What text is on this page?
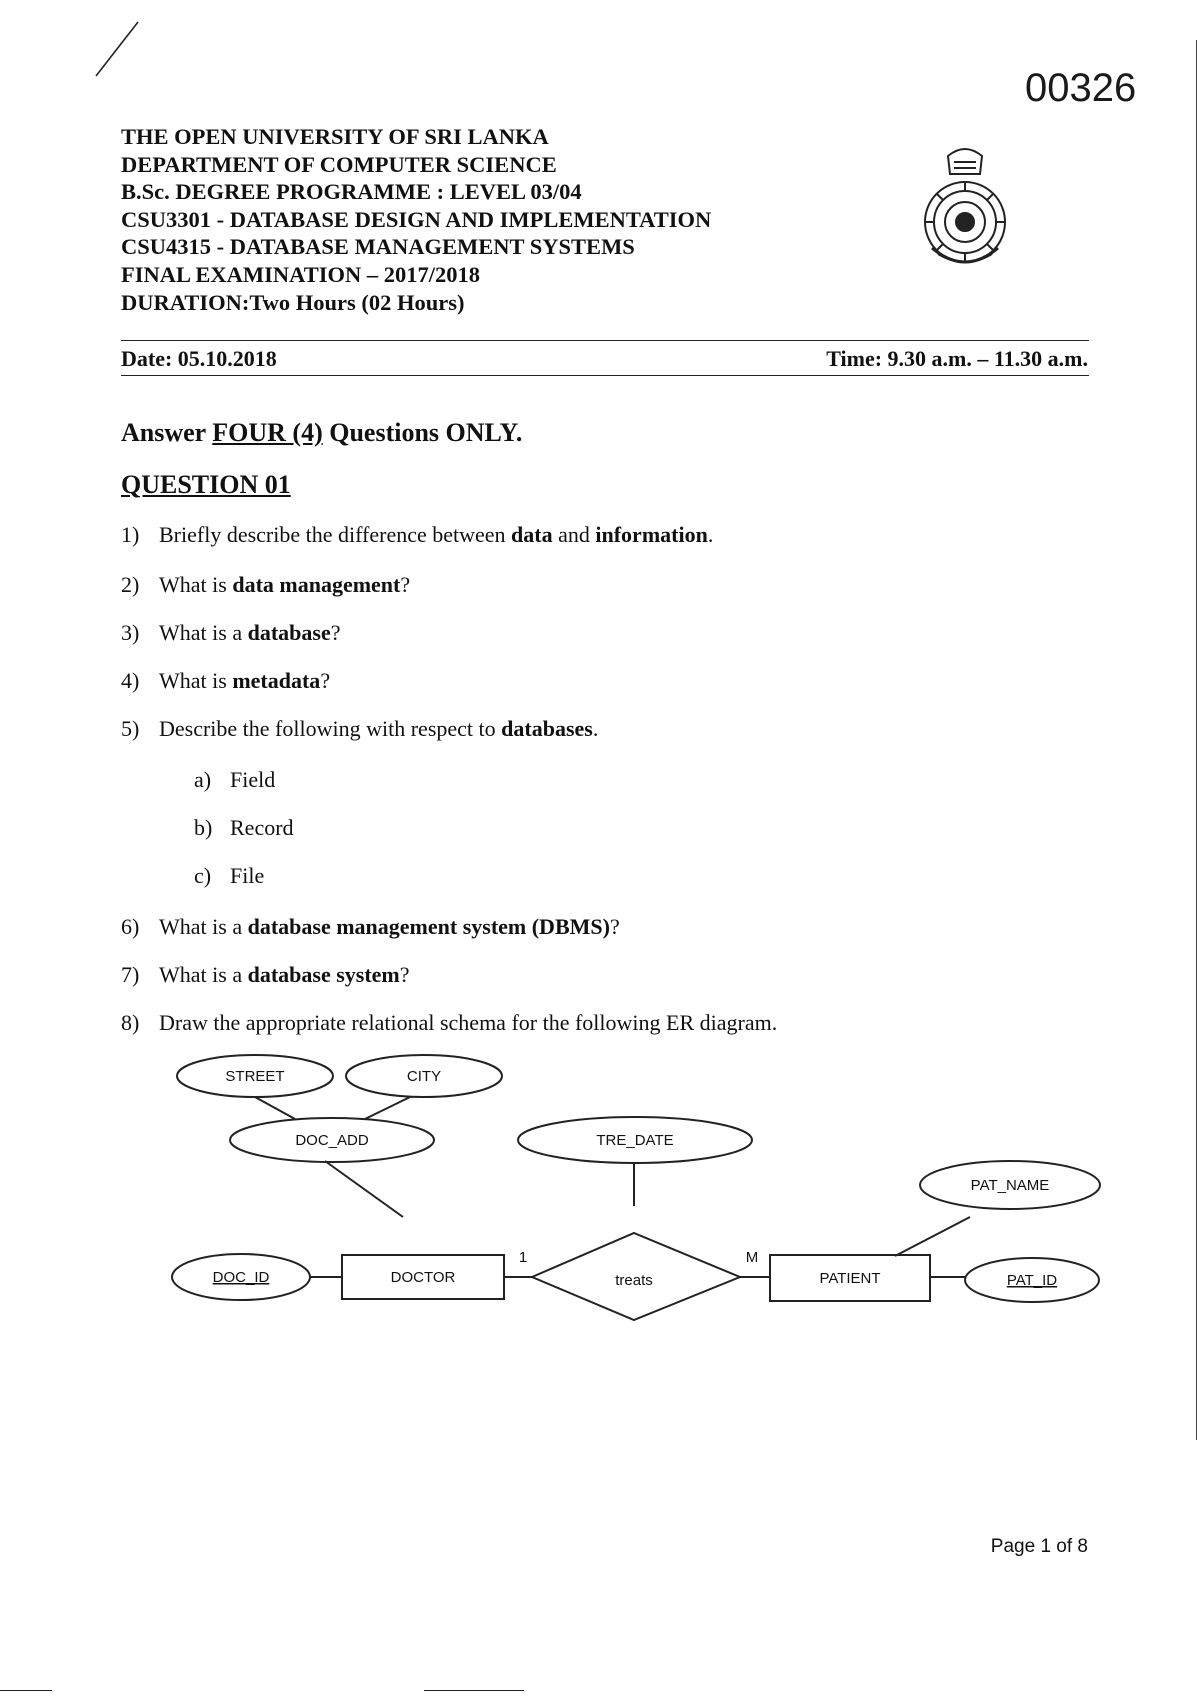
00326
THE OPEN UNIVERSITY OF SRI LANKA
DEPARTMENT OF COMPUTER SCIENCE
B.Sc. DEGREE PROGRAMME : LEVEL 03/04
CSU3301 - DATABASE DESIGN AND IMPLEMENTATION
CSU4315 - DATABASE MANAGEMENT SYSTEMS
FINAL EXAMINATION – 2017/2018
DURATION:Two Hours (02 Hours)
Date: 05.10.2018	Time: 9.30 a.m. – 11.30 a.m.
Answer FOUR (4) Questions ONLY.
QUESTION 01
1) Briefly describe the difference between data and information.
2) What is data management?
3) What is a database?
4) What is metadata?
5) Describe the following with respect to databases.
6) What is a database management system (DBMS)?
7) What is a database system?
8) Draw the appropriate relational schema for the following ER diagram.
a) Field
b) Record
c) File
STREET	CITY
DOC_ADD	TRE_DATE
PAT_NAME
DOC_ID	PAT_ID
DOCTOR	PATIENT
treats
1	M
Page 1 of 8
